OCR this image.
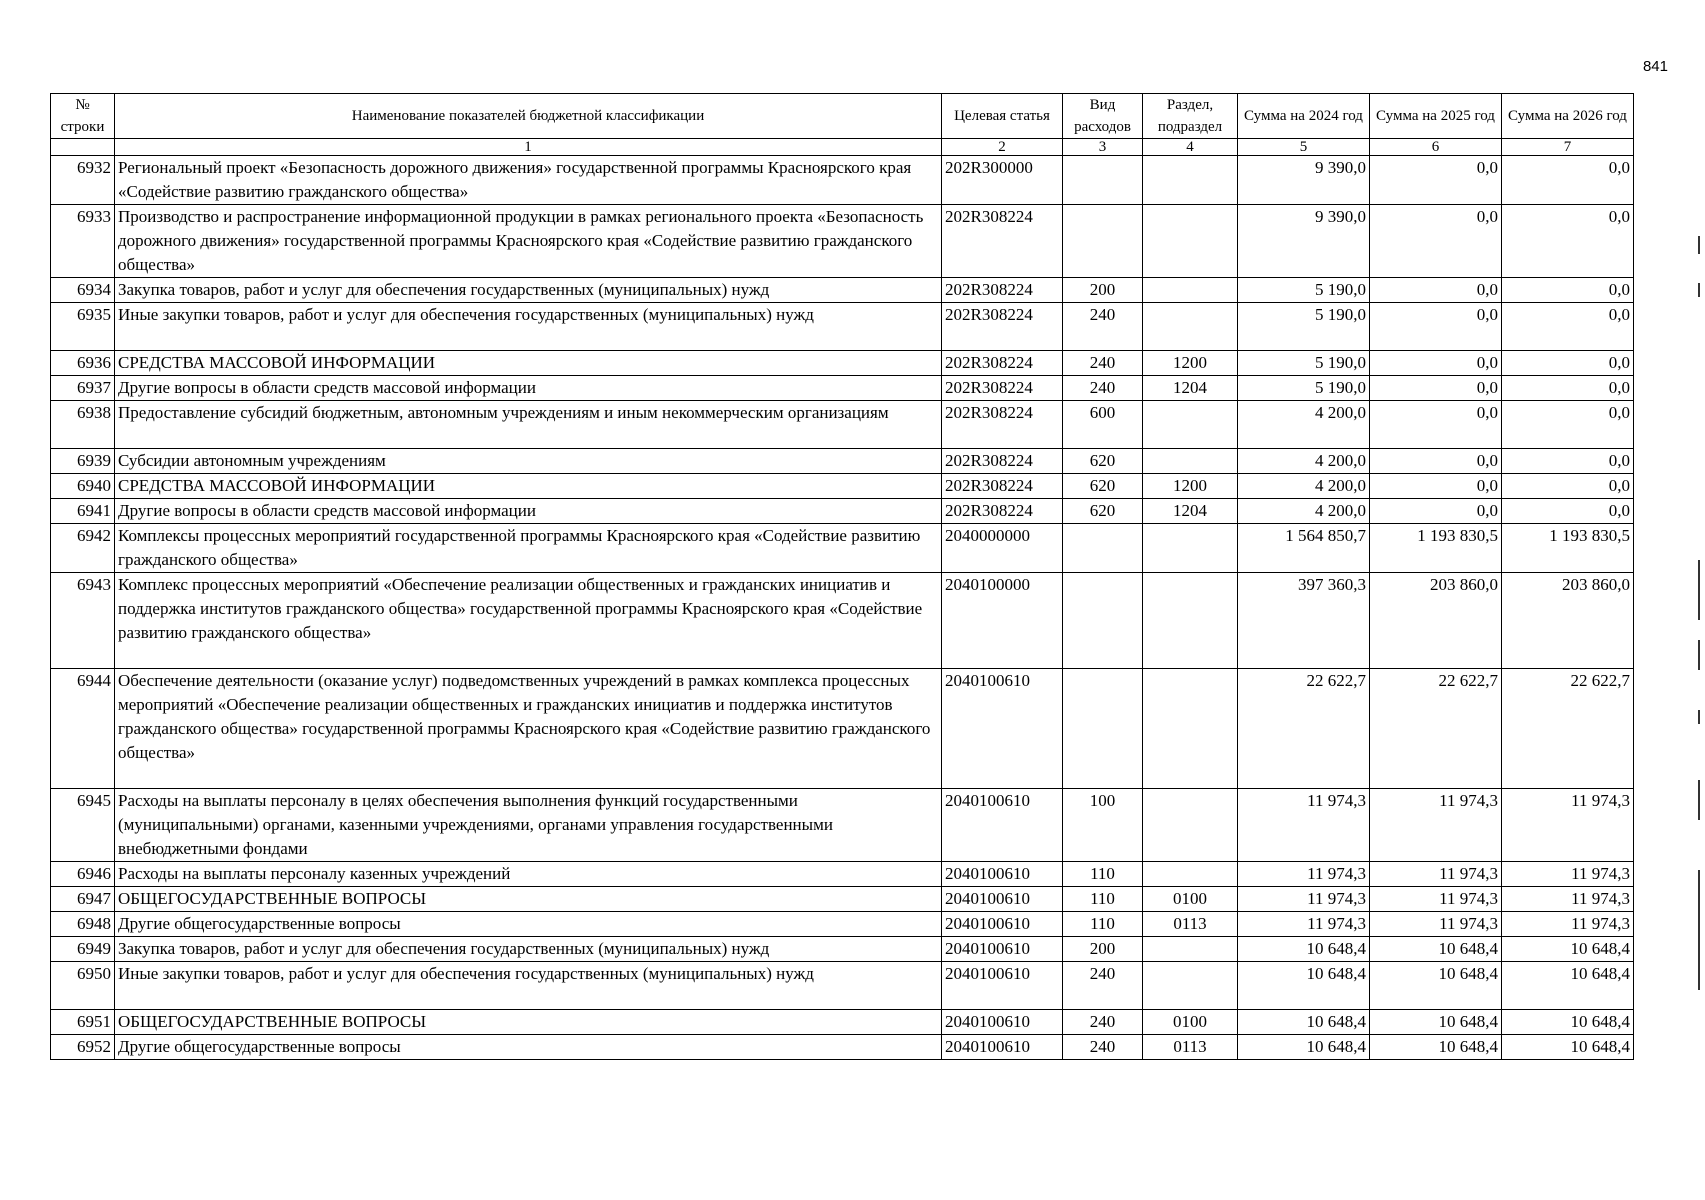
841
№ строки	Наименование показателей бюджетной классификации	Целевая статья	Вид расходов	Раздел, подраздел	Сумма на 2024 год	Сумма на 2025 год	Сумма на 2026 год
	1	2	3	4	5	6	7
6932	Региональный проект «Безопасность дорожного движения» государственной программы Красноярского края «Содействие развитию гражданского общества»	202R300000			9 390,0	0,0	0,0
6933	Производство и распространение информационной продукции в рамках регионального проекта «Безопасность дорожного движения» государственной программы Красноярского края «Содействие развитию гражданского общества»	202R308224			9 390,0	0,0	0,0
6934	Закупка товаров, работ и услуг для обеспечения государственных (муниципальных) нужд	202R308224	200		5 190,0	0,0	0,0
6935	Иные закупки товаров, работ и услуг для обеспечения государственных (муниципальных) нужд	202R308224	240		5 190,0	0,0	0,0
6936	СРЕДСТВА МАССОВОЙ ИНФОРМАЦИИ	202R308224	240	1200	5 190,0	0,0	0,0
6937	Другие вопросы в области средств массовой информации	202R308224	240	1204	5 190,0	0,0	0,0
6938	Предоставление субсидий бюджетным, автономным учреждениям и иным некоммерческим организациям	202R308224	600		4 200,0	0,0	0,0
6939	Субсидии автономным учреждениям	202R308224	620		4 200,0	0,0	0,0
6940	СРЕДСТВА МАССОВОЙ ИНФОРМАЦИИ	202R308224	620	1200	4 200,0	0,0	0,0
6941	Другие вопросы в области средств массовой информации	202R308224	620	1204	4 200,0	0,0	0,0
6942	Комплексы процессных мероприятий государственной программы Красноярского края «Содействие развитию гражданского общества»	2040000000			1 564 850,7	1 193 830,5	1 193 830,5
6943	Комплекс процессных мероприятий «Обеспечение реализации общественных и гражданских инициатив и поддержка институтов гражданского общества» государственной программы Красноярского края «Содействие развитию гражданского общества»	2040100000			397 360,3	203 860,0	203 860,0
6944	Обеспечение деятельности (оказание услуг) подведомственных учреждений в рамках комплекса процессных мероприятий «Обеспечение реализации общественных и гражданских инициатив и поддержка институтов гражданского общества» государственной программы Красноярского края «Содействие развитию гражданского общества»	2040100610			22 622,7	22 622,7	22 622,7
6945	Расходы на выплаты персоналу в целях обеспечения выполнения функций государственными (муниципальными) органами, казенными учреждениями, органами управления государственными внебюджетными фондами	2040100610	100		11 974,3	11 974,3	11 974,3
6946	Расходы на выплаты персоналу казенных учреждений	2040100610	110		11 974,3	11 974,3	11 974,3
6947	ОБЩЕГОСУДАРСТВЕННЫЕ ВОПРОСЫ	2040100610	110	0100	11 974,3	11 974,3	11 974,3
6948	Другие общегосударственные вопросы	2040100610	110	0113	11 974,3	11 974,3	11 974,3
6949	Закупка товаров, работ и услуг для обеспечения государственных (муниципальных) нужд	2040100610	200		10 648,4	10 648,4	10 648,4
6950	Иные закупки товаров, работ и услуг для обеспечения государственных (муниципальных) нужд	2040100610	240		10 648,4	10 648,4	10 648,4
6951	ОБЩЕГОСУДАРСТВЕННЫЕ ВОПРОСЫ	2040100610	240	0100	10 648,4	10 648,4	10 648,4
6952	Другие общегосударственные вопросы	2040100610	240	0113	10 648,4	10 648,4	10 648,4
